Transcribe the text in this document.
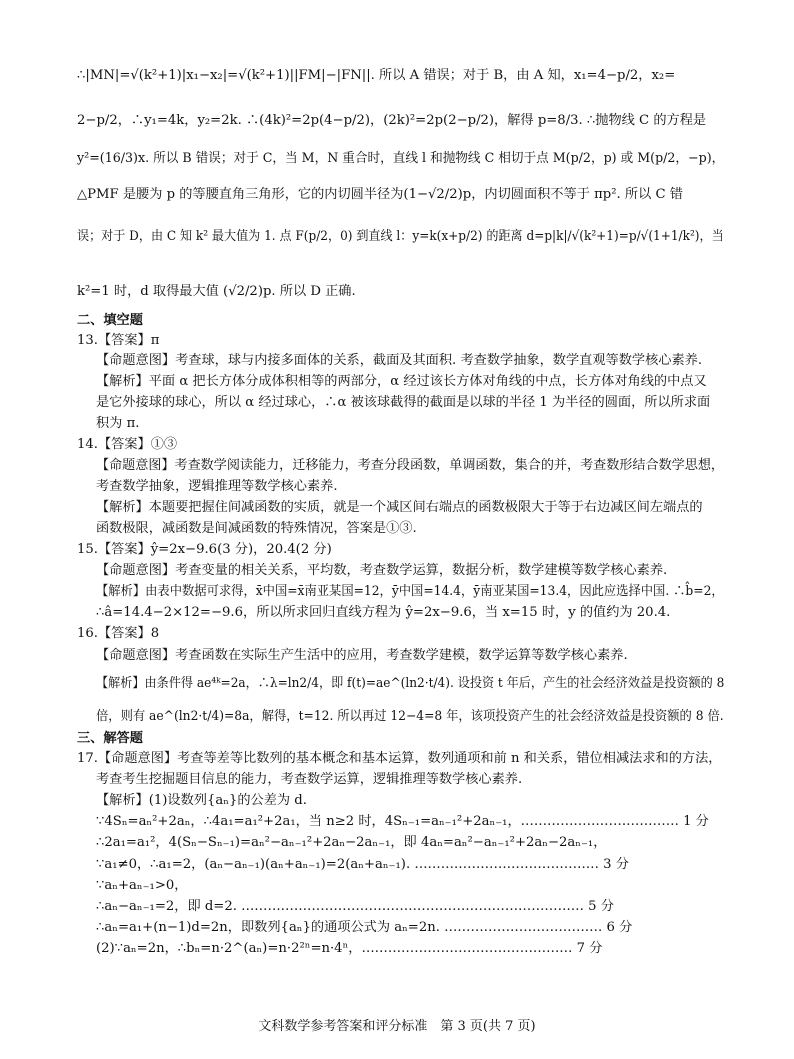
∴|MN|=√(k²+1)|x₁−x₂|=√(k²+1)||FM|−|FN||. 所以 A 错误；对于 B，由 A 知，x₁=4−p/2，x₂=
2−p/2，∴y₁=4k，y₂=2k. ∴(4k)²=2p(4−p/2)，(2k)²=2p(2−p/2)，解得 p=8/3. ∴抛物线 C 的方程是
y²=(16/3)x. 所以 B 错误；对于 C，当 M，N 重合时，直线 l 和抛物线 C 相切于点 M(p/2，p) 或 M(p/2，−p)，
△PMF 是腰为 p 的等腰直角三角形，它的内切圆半径为(1−√2/2)p，内切圆面积不等于 πp². 所以 C 错
误；对于 D，由 C 知 k² 最大值为 1. 点 F(p/2，0) 到直线 l：y=k(x+p/2) 的距离 d=p|k|/√(k²+1)=p/√(1+1/k²)，当
k²=1 时，d 取得最大值 (√2/2)p. 所以 D 正确.
二、填空题
13.【答案】π
【命题意图】考查球，球与内接多面体的关系，截面及其面积. 考查数学抽象，数学直观等数学核心素养.
【解析】平面 α 把长方体分成体积相等的两部分，α 经过该长方体对角线的中点，长方体对角线的中点又
是它外接球的球心，所以 α 经过球心，∴α 被该球截得的截面是以球的半径 1 为半径的圆面，所以所求面
积为 π.
14.【答案】①③
【命题意图】考查数学阅读能力，迁移能力，考查分段函数，单调函数，集合的并，考查数形结合数学思想，
考查数学抽象，逻辑推理等数学核心素养.
【解析】本题要把握住间减函数的实质，就是一个减区间右端点的函数极限大于等于右边减区间左端点的
函数极限，减函数是间减函数的特殊情况，答案是①③.
15.【答案】ŷ=2x−9.6(3 分)，20.4(2 分)
【命题意图】考查变量的相关关系，平均数，考查数学运算，数据分析，数学建模等数学核心素养.
【解析】由表中数据可求得，x̄中国=x̄南亚某国=12，ȳ中国=14.4，ȳ南亚某国=13.4，因此应选择中国. ∴b̂=2，
∴â=14.4−2×12=−9.6，所以所求回归直线方程为 ŷ=2x−9.6，当 x=15 时，y 的值约为 20.4.
16.【答案】8
【命题意图】考查函数在实际生产生活中的应用，考查数学建模，数学运算等数学核心素养.
【解析】由条件得 ae⁴ᵏ=2a，∴λ=ln2/4，即 f(t)=ae^(ln2·t/4). 设投资 t 年后，产生的社会经济效益是投资额的 8
倍，则有 ae^(ln2·t/4)=8a，解得，t=12. 所以再过 12−4=8 年，该项投资产生的社会经济效益是投资额的 8 倍.
三、解答题
17.【命题意图】考查等差等比数列的基本概念和基本运算，数列通项和前 n 和关系，错位相减法求和的方法，
考查考生挖掘题目信息的能力，考查数学运算，逻辑推理等数学核心素养.
【解析】(1)设数列{aₙ}的公差为 d.
∵4Sₙ=aₙ²+2aₙ，∴4a₁=a₁²+2a₁，当 n≥2 时，4Sₙ₋₁=aₙ₋₁²+2aₙ₋₁，……………………………… 1 分
∴2a₁=a₁²，4(Sₙ−Sₙ₋₁)=aₙ²−aₙ₋₁²+2aₙ−2aₙ₋₁，即 4aₙ=aₙ²−aₙ₋₁²+2aₙ−2aₙ₋₁，
∵a₁≠0，∴a₁=2，(aₙ−aₙ₋₁)(aₙ+aₙ₋₁)=2(aₙ+aₙ₋₁). …………………………………… 3 分
∵aₙ+aₙ₋₁>0，
∴aₙ−aₙ₋₁=2，即 d=2. …………………………………………………………………… 5 分
∴aₙ=a₁+(n−1)d=2n，即数列{aₙ}的通项公式为 aₙ=2n. ……………………………… 6 分
(2)∵aₙ=2n，∴bₙ=n·2^(aₙ)=n·2²ⁿ=n·4ⁿ，………………………………………… 7 分
文科数学参考答案和评分标准　第 3 页(共 7 页)
